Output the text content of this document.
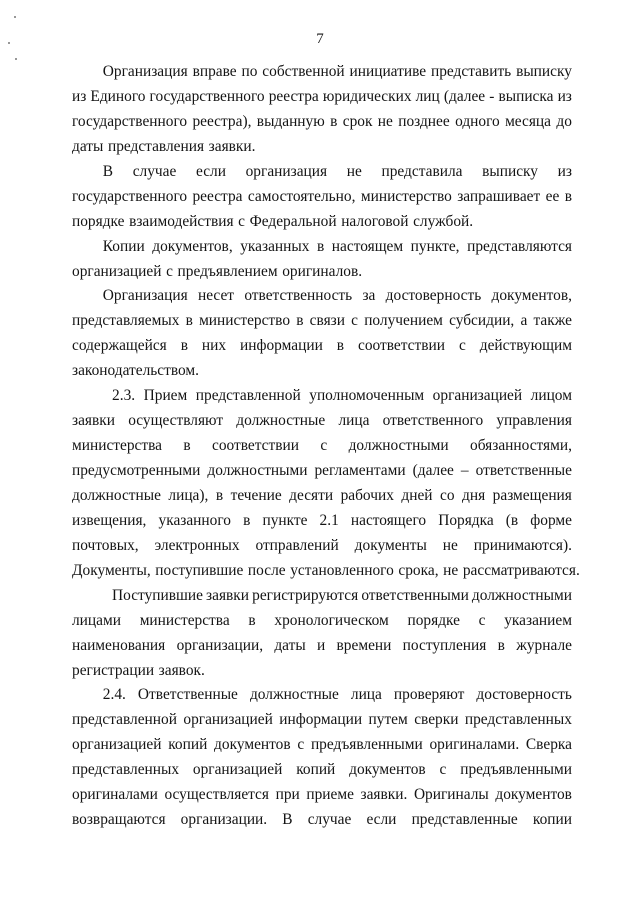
7
Организация вправе по собственной инициативе представить выписку
из Единого государственного реестра юридических лиц (далее - выписка из
государственного реестра), выданную в срок не позднее одного месяца до
даты представления заявки.
В случае если организация не представила выписку из
государственного реестра самостоятельно, министерство запрашивает ее в
порядке взаимодействия с Федеральной налоговой службой.
Копии документов, указанных в настоящем пункте, представляются
организацией с предъявлением оригиналов.
Организация несет ответственность за достоверность документов,
представляемых в министерство в связи с получением субсидии, а также
содержащейся в них информации в соответствии с действующим
законодательством.
2.3. Прием представленной уполномоченным организацией лицом
заявки осуществляют должностные лица ответственного управления
министерства в соответствии с должностными обязанностями,
предусмотренными должностными регламентами (далее – ответственные
должностные лица), в течение десяти рабочих дней со дня размещения
извещения, указанного в пункте 2.1 настоящего Порядка (в форме
почтовых, электронных отправлений документы не принимаются).
Документы, поступившие после установленного срока, не рассматриваются.
Поступившие заявки регистрируются ответственными должностными
лицами министерства в хронологическом порядке с указанием
наименования организации, даты и времени поступления в журнале
регистрации заявок.
2.4. Ответственные должностные лица проверяют достоверность
представленной организацией информации путем сверки представленных
организацией копий документов с предъявленными оригиналами. Сверка
представленных организацией копий документов с предъявленными
оригиналами осуществляется при приеме заявки. Оригиналы документов
возвращаются организации. В случае если представленные копии
